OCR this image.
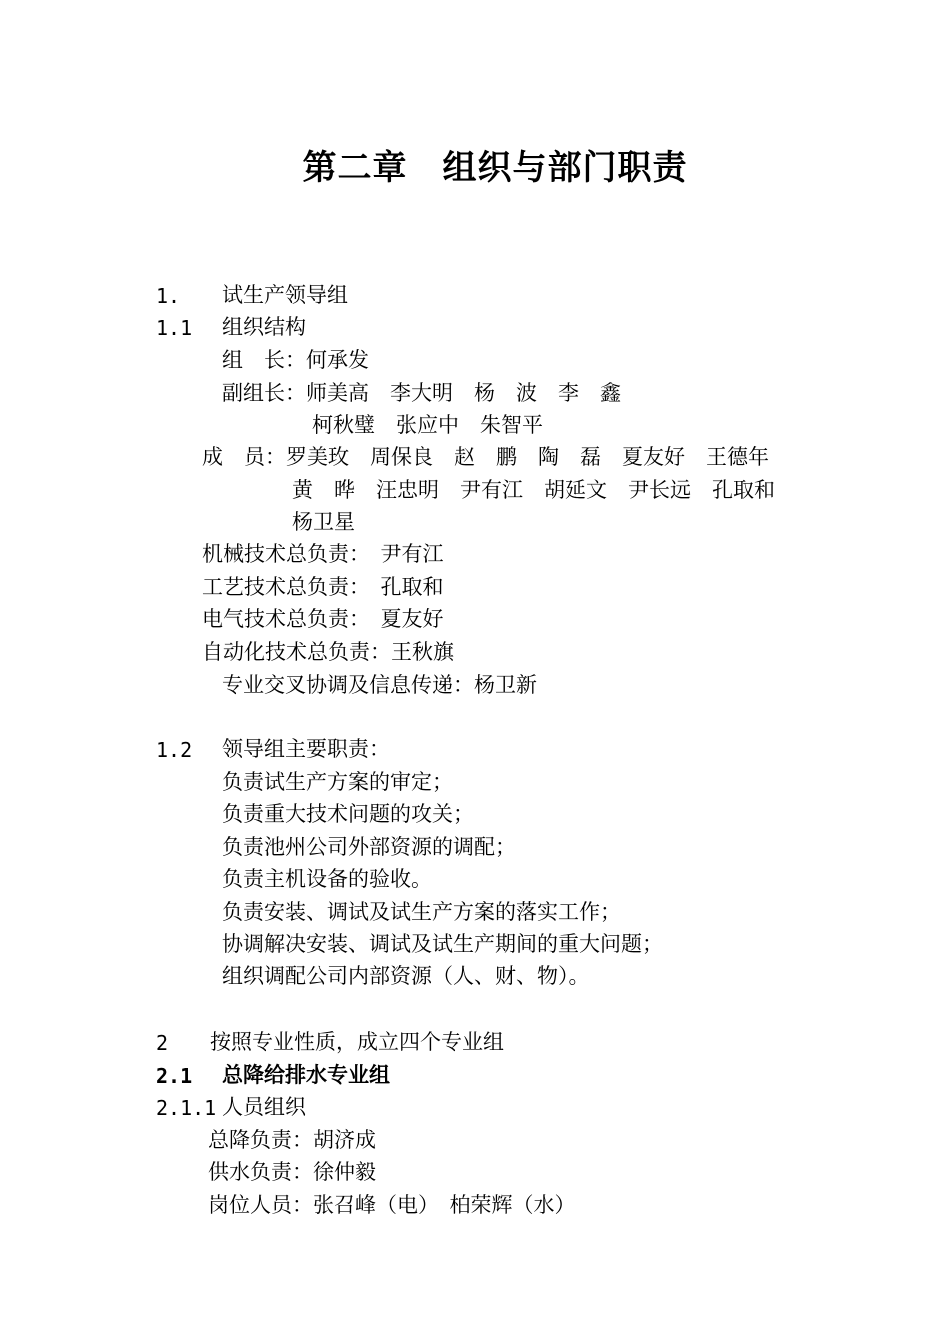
第二章　组织与部门职责
1. 试生产领导组
1.1 组织结构
组　长：何承发
副组长：师美高　李大明　杨　波　李　鑫
柯秋璧　张应中　朱智平
成　员：罗美玫　周保良　赵　鹏　陶　磊　夏友好　王德年
黄　晔　汪忠明　尹有江　胡延文　尹长远　孔取和
杨卫星
机械技术总负责：　尹有江
工艺技术总负责：　孔取和
电气技术总负责：　夏友好
自动化技术总负责：王秋旗
专业交叉协调及信息传递：杨卫新
1.2 领导组主要职责：
负责试生产方案的审定；
负责重大技术问题的攻关；
负责池州公司外部资源的调配；
负责主机设备的验收。
负责安装、调试及试生产方案的落实工作；
协调解决安装、调试及试生产期间的重大问题；
组织调配公司内部资源（人、财、物）。
2 按照专业性质，成立四个专业组
2.1 总降给排水专业组
2.1.1 人员组织
总降负责：胡济成
供水负责：徐仲毅
岗位人员：张召峰（电）　柏荣辉（水）
